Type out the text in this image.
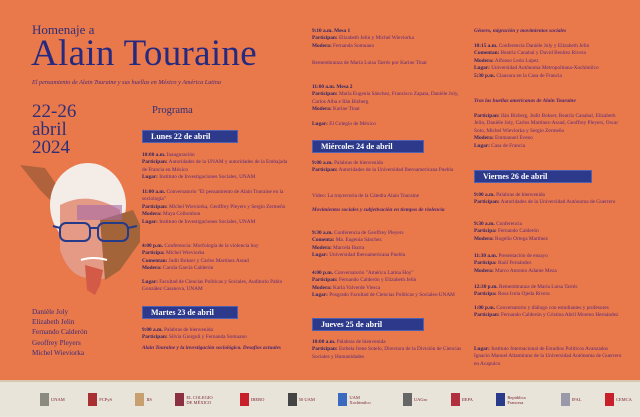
Homenaje a
Alain Touraine
El pensamiento de Alain Touraine y sus huellas en México y América Latina
22-26
abril
2024
Programa
Danièle Joly
Elizabeth Jelin
Fernando Calderón
Geoffrey Pleyers
Michel Wieviorka
Lunes 22 de abril
10:00 a.m. Inauguración
Participan: Autoridades de la UNAM y autoridades de la Embajada de Francia en México
Lugar: Instituto de Investigaciones Sociales, UNAM
11:00 a.m. Conversatorio "El pensamiento de Alain Touraine en la sociología"
Participan: Michel Wieviorka, Geoffrey Pleyers y Sergio Zermeño
Modera: Maya Collombon
Lugar: Instituto de Investigaciones Sociales, UNAM
4:00 p.m. Conferencia: Morfología de la violencia hoy
Participa: Michel Wieviorka
Comentan: Judit Bokser y Carlos Martínez Assad
Modera: Carola García Calderón
Lugar: Facultad de Ciencias Políticas y Sociales, Auditorio Pablo González Casanova, UNAM
Martes 23 de abril
9:00 a.m. Palabras de bienvenida
Participan: Silvia Giorguli y Fernanda Somuano
Alain Touraine y la investigación sociológica. Desafíos actuales
9:10 a.m. Mesa 1
Participan: Elizabeth Jelin y Michel Wieviorka
Modera: Fernanda Somuano
Remembranza de María Luisa Tarrés por Karine Tinat
11:00 a.m. Mesa 2
Participan: María Eugenia Sánchez, Francisco Zapata, Danièle Joly, Carlos Alba e Ilán Bizberg
Modera: Karine Tinat
Lugar: El Colegio de México
Miércoles 24 de abril
9:00 a.m. Palabras de bienvenida
Participan: Autoridades de la Universidad Iberoamericana Puebla
Video: La trayectoria de la Cátedra Alain Touraine
Movimientos sociales y subjetivación en tiempos de violencia
9:30 a.m. Conferencia de Geoffrey Pleyers
Comenta: Ma. Eugenia Sánchez
Modera: Marcela Ibarra
Lugar: Universidad Iberoamericana Puebla
4:00 p.m. Conversatorio "América Latina Hoy"
Participan: Fernando Calderón y Elizabeth Jelin
Modera: Karla Valverde Viesca
Lugar: Posgrado Facultad de Ciencias Políticas y Sociales-UNAM
Jueves 25 de abril
10:00 a.m. Palabras de bienvenida
Participan: Estbela Irene Sotelo, Directora de la División de Ciencias Sociales y Humanidades
Género, migración y movimientos sociales
10:15 a.m. Conferencia Danièle Joly y Elizabeth Jelin
Comentan: Beatriz Canabal y David Benítez Rivera
Modera: Alfonso León López
Lugar: Universidad Autónoma Metropolitana-Xochimilco
5:30 p.m. Clausura en la Casa de Francia
Tras las huellas americanas de Alain Touraine
Participan: Ilán Bizberg, Judit Bokser, Beatriz Canabal, Elizabeth Jelin, Danièle Joly, Carlos Martínez-Assad, Geoffrey Pleyers, Oscar Soto, Michel Wieviorka y Sergio Zermeño
Modera: Emmanuel Eveno
Lugar: Casa de Francia
Viernes 26 de abril
9:00 a.m. Palabras de bienvenida
Participan: Autoridades de la Universidad Autónoma de Guerrero
9:30 a.m. Conferencia
Participa: Fernando Calderón
Modera: Rogelio Ortega Martínez
11:30 a.m. Presentación de ensayo
Participa: Raúl Fernández
Modera: Marco Antonio Adame Meza
12:30 p.m. Remembranza de María Luisa Tarrés
Participa: Rosa Icela Ojeda Rivera
1:00 p.m. Conversatorio y diálogo con estudiantes y profesores
Participan: Fernando Calderón y Cristina Abril Moreno Hernández
Lugar: Instituto Internacional de Estudios Políticos Avanzados Ignacio Manuel Altamirano de la Universidad Autónoma de Guerrero en Acapulco
UNAM	FCPyS	IIS	EL COLEGIO DE MÉXICO	IBERO	50 UAM	UAM Xochimilco	UAGro	IIEPA	República Francesa	IFAL	CEMCA
